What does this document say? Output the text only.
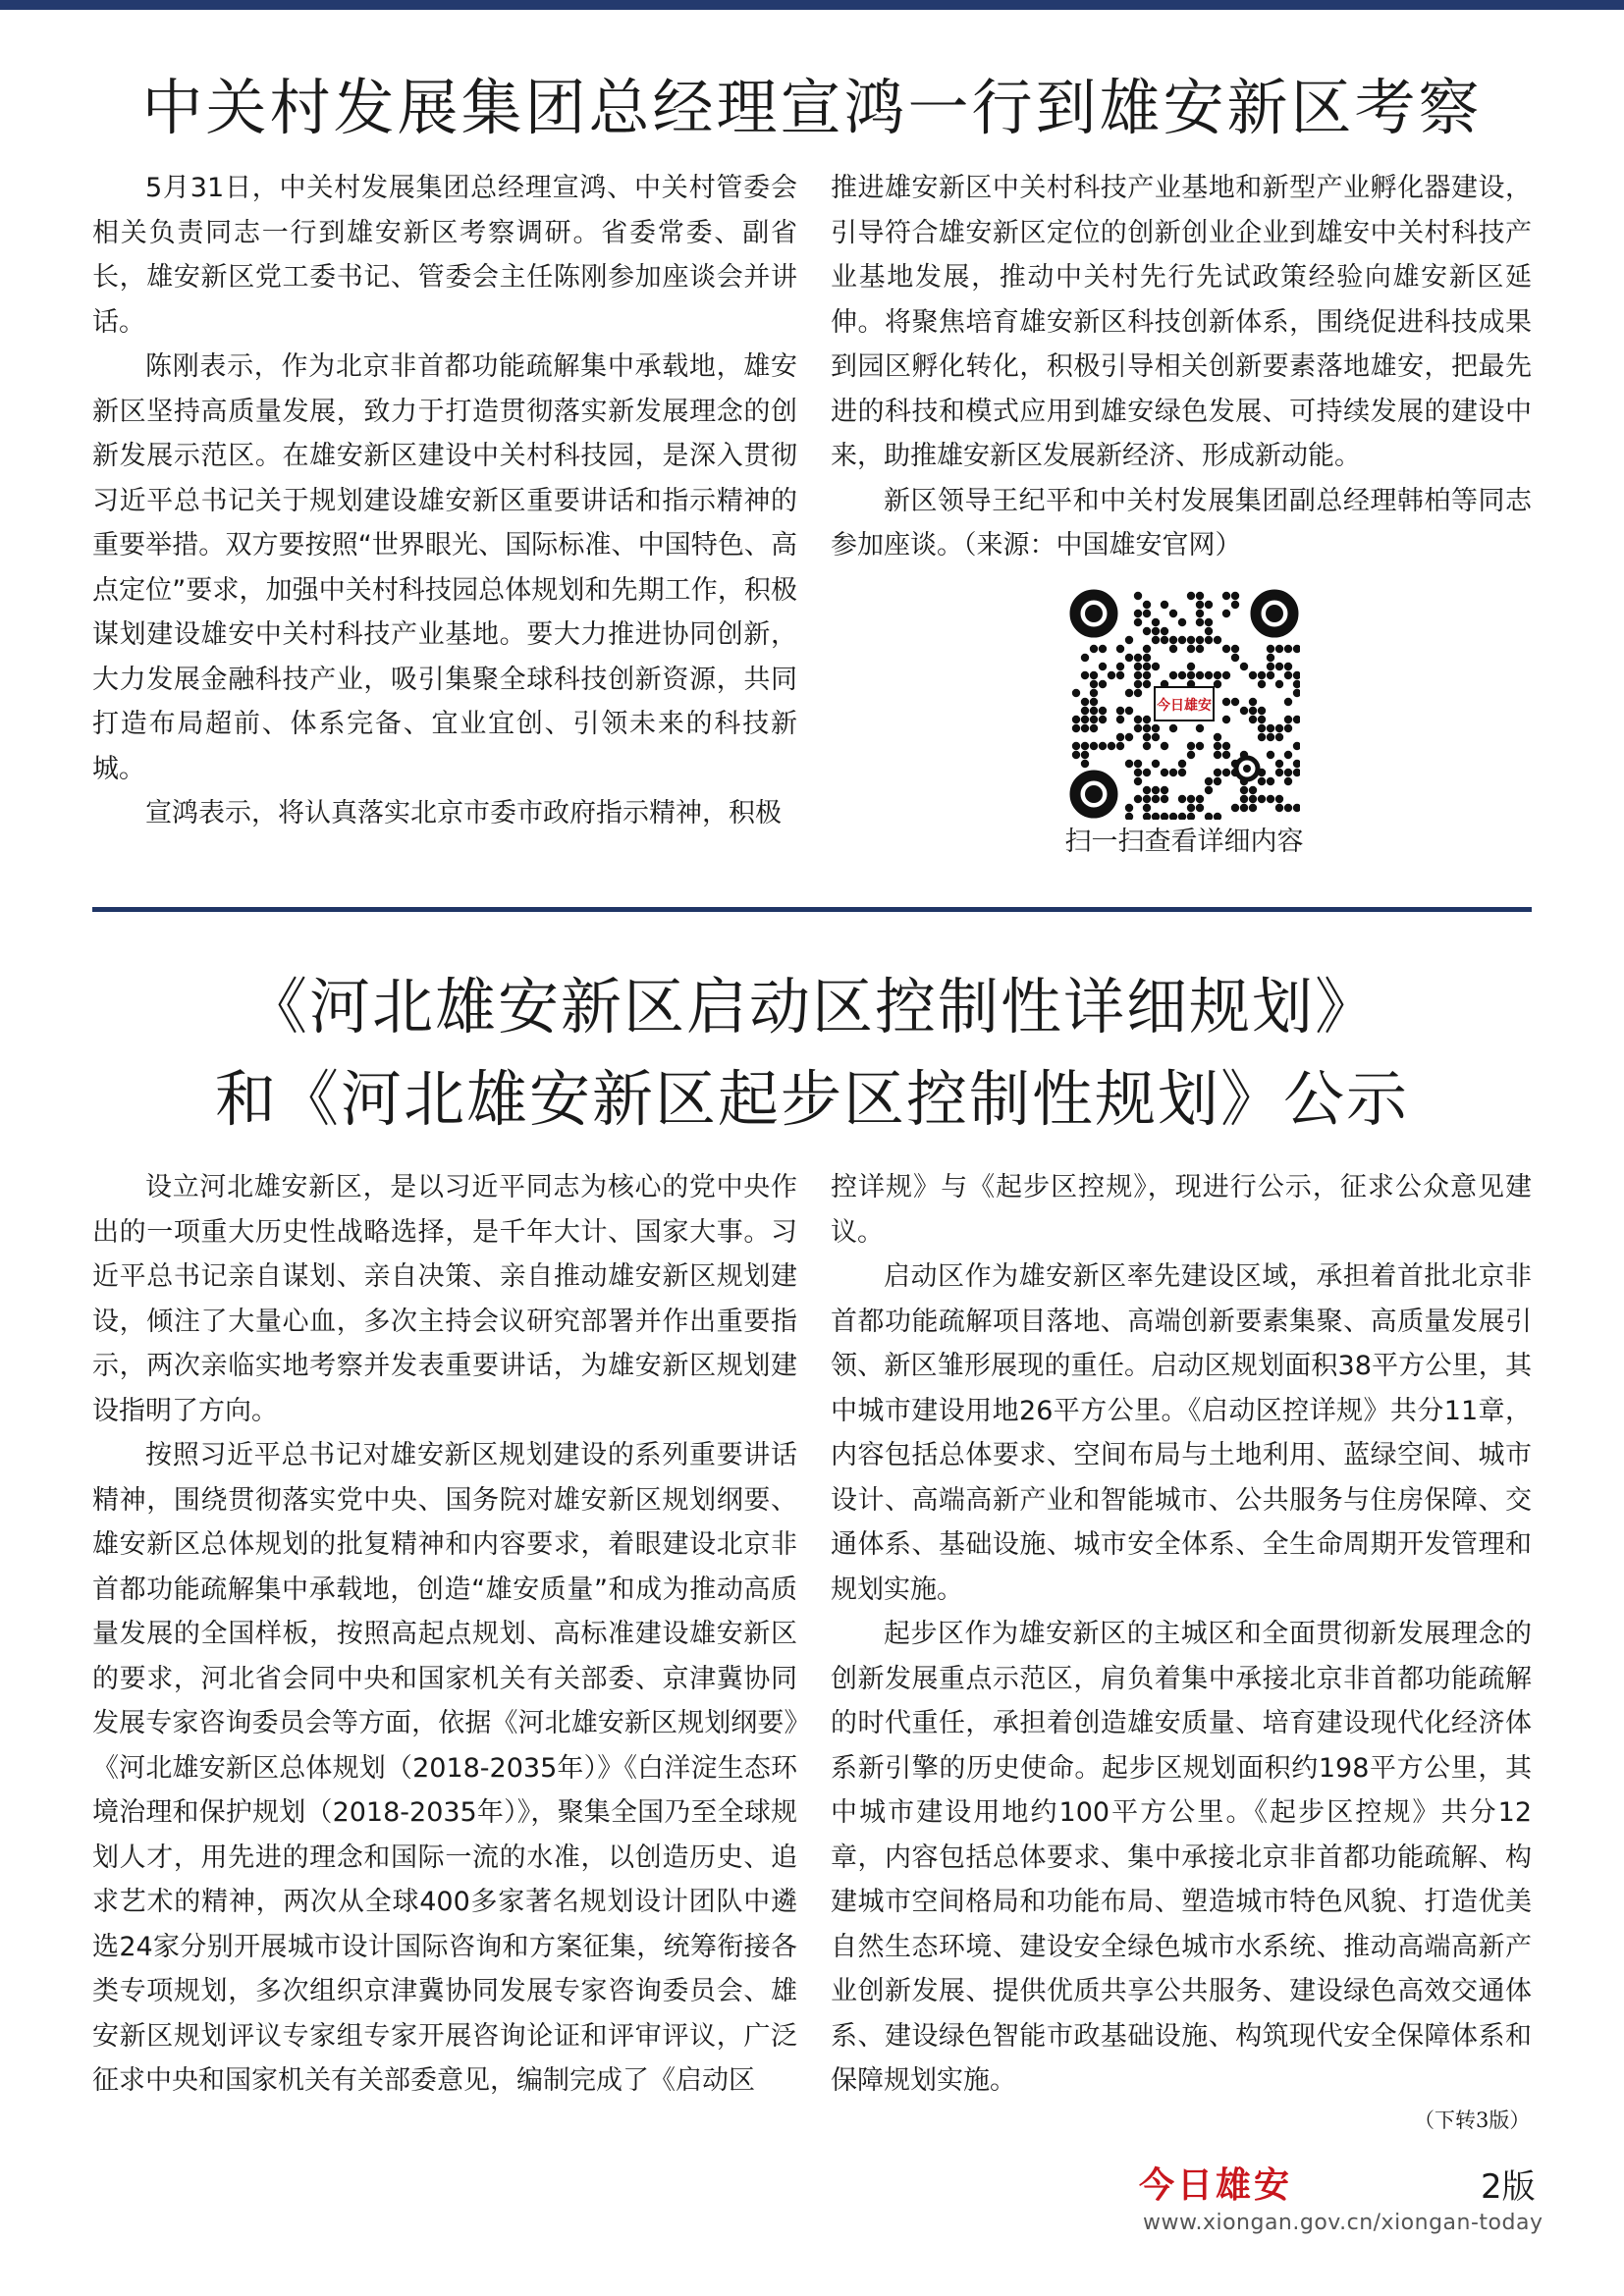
中关村发展集团总经理宣鸿一行到雄安新区考察

5月31日，中关村发展集团总经理宣鸿、中关村管委会相关负责同志一行到雄安新区考察调研。省委常委、副省长，雄安新区党工委书记、管委会主任陈刚参加座谈会并讲话。

陈刚表示，作为北京非首都功能疏解集中承载地，雄安新区坚持高质量发展，致力于打造贯彻落实新发展理念的创新发展示范区。在雄安新区建设中关村科技园，是深入贯彻习近平总书记关于规划建设雄安新区重要讲话和指示精神的重要举措。双方要按照“世界眼光、国际标准、中国特色、高点定位”要求，加强中关村科技园总体规划和先期工作，积极谋划建设雄安中关村科技产业基地。要大力推进协同创新，大力发展金融科技产业，吸引集聚全球科技创新资源，共同打造布局超前、体系完备、宜业宜创、引领未来的科技新城。

宣鸿表示，将认真落实北京市委市政府指示精神，积极

推进雄安新区中关村科技产业基地和新型产业孵化器建设，引导符合雄安新区定位的创新创业企业到雄安中关村科技产业基地发展，推动中关村先行先试政策经验向雄安新区延伸。将聚焦培育雄安新区科技创新体系，围绕促进科技成果到园区孵化转化，积极引导相关创新要素落地雄安，把最先进的科技和模式应用到雄安绿色发展、可持续发展的建设中来，助推雄安新区发展新经济、形成新动能。

新区领导王纪平和中关村发展集团副总经理韩柏等同志参加座谈。（来源：中国雄安官网）

今日雄安
扫一扫查看详细内容
《河北雄安新区启动区控制性详细规划》
和《河北雄安新区起步区控制性规划》公示

设立河北雄安新区，是以习近平同志为核心的党中央作出的一项重大历史性战略选择，是千年大计、国家大事。习近平总书记亲自谋划、亲自决策、亲自推动雄安新区规划建设，倾注了大量心血，多次主持会议研究部署并作出重要指示，两次亲临实地考察并发表重要讲话，为雄安新区规划建设指明了方向。

按照习近平总书记对雄安新区规划建设的系列重要讲话精神，围绕贯彻落实党中央、国务院对雄安新区规划纲要、雄安新区总体规划的批复精神和内容要求，着眼建设北京非首都功能疏解集中承载地，创造“雄安质量”和成为推动高质量发展的全国样板，按照高起点规划、高标准建设雄安新区的要求，河北省会同中央和国家机关有关部委、京津冀协同发展专家咨询委员会等方面，依据《河北雄安新区规划纲要》《河北雄安新区总体规划（2018-2035年）》《白洋淀生态环境治理和保护规划（2018-2035年）》，聚集全国乃至全球规划人才，用先进的理念和国际一流的水准，以创造历史、追求艺术的精神，两次从全球400多家著名规划设计团队中遴选24家分别开展城市设计国际咨询和方案征集，统筹衔接各类专项规划，多次组织京津冀协同发展专家咨询委员会、雄安新区规划评议专家组专家开展咨询论证和评审评议，广泛征求中央和国家机关有关部委意见，编制完成了《启动区

控详规》与《起步区控规》，现进行公示，征求公众意见建议。

启动区作为雄安新区率先建设区域，承担着首批北京非首都功能疏解项目落地、高端创新要素集聚、高质量发展引领、新区雏形展现的重任。启动区规划面积38平方公里，其中城市建设用地26平方公里。《启动区控详规》共分11章，内容包括总体要求、空间布局与土地利用、蓝绿空间、城市设计、高端高新产业和智能城市、公共服务与住房保障、交通体系、基础设施、城市安全体系、全生命周期开发管理和规划实施。

起步区作为雄安新区的主城区和全面贯彻新发展理念的创新发展重点示范区，肩负着集中承接北京非首都功能疏解的时代重任，承担着创造雄安质量、培育建设现代化经济体系新引擎的历史使命。起步区规划面积约198平方公里，其中城市建设用地约100平方公里。《起步区控规》共分12章，内容包括总体要求、集中承接北京非首都功能疏解、构建城市空间格局和功能布局、塑造城市特色风貌、打造优美自然生态环境、建设安全绿色城市水系统、推动高端高新产业创新发展、提供优质共享公共服务、建设绿色高效交通体系、建设绿色智能市政基础设施、构筑现代安全保障体系和保障规划实施。

（下转3版）
今日雄安	2版
www.xiongan.gov.cn/xiongan-today
